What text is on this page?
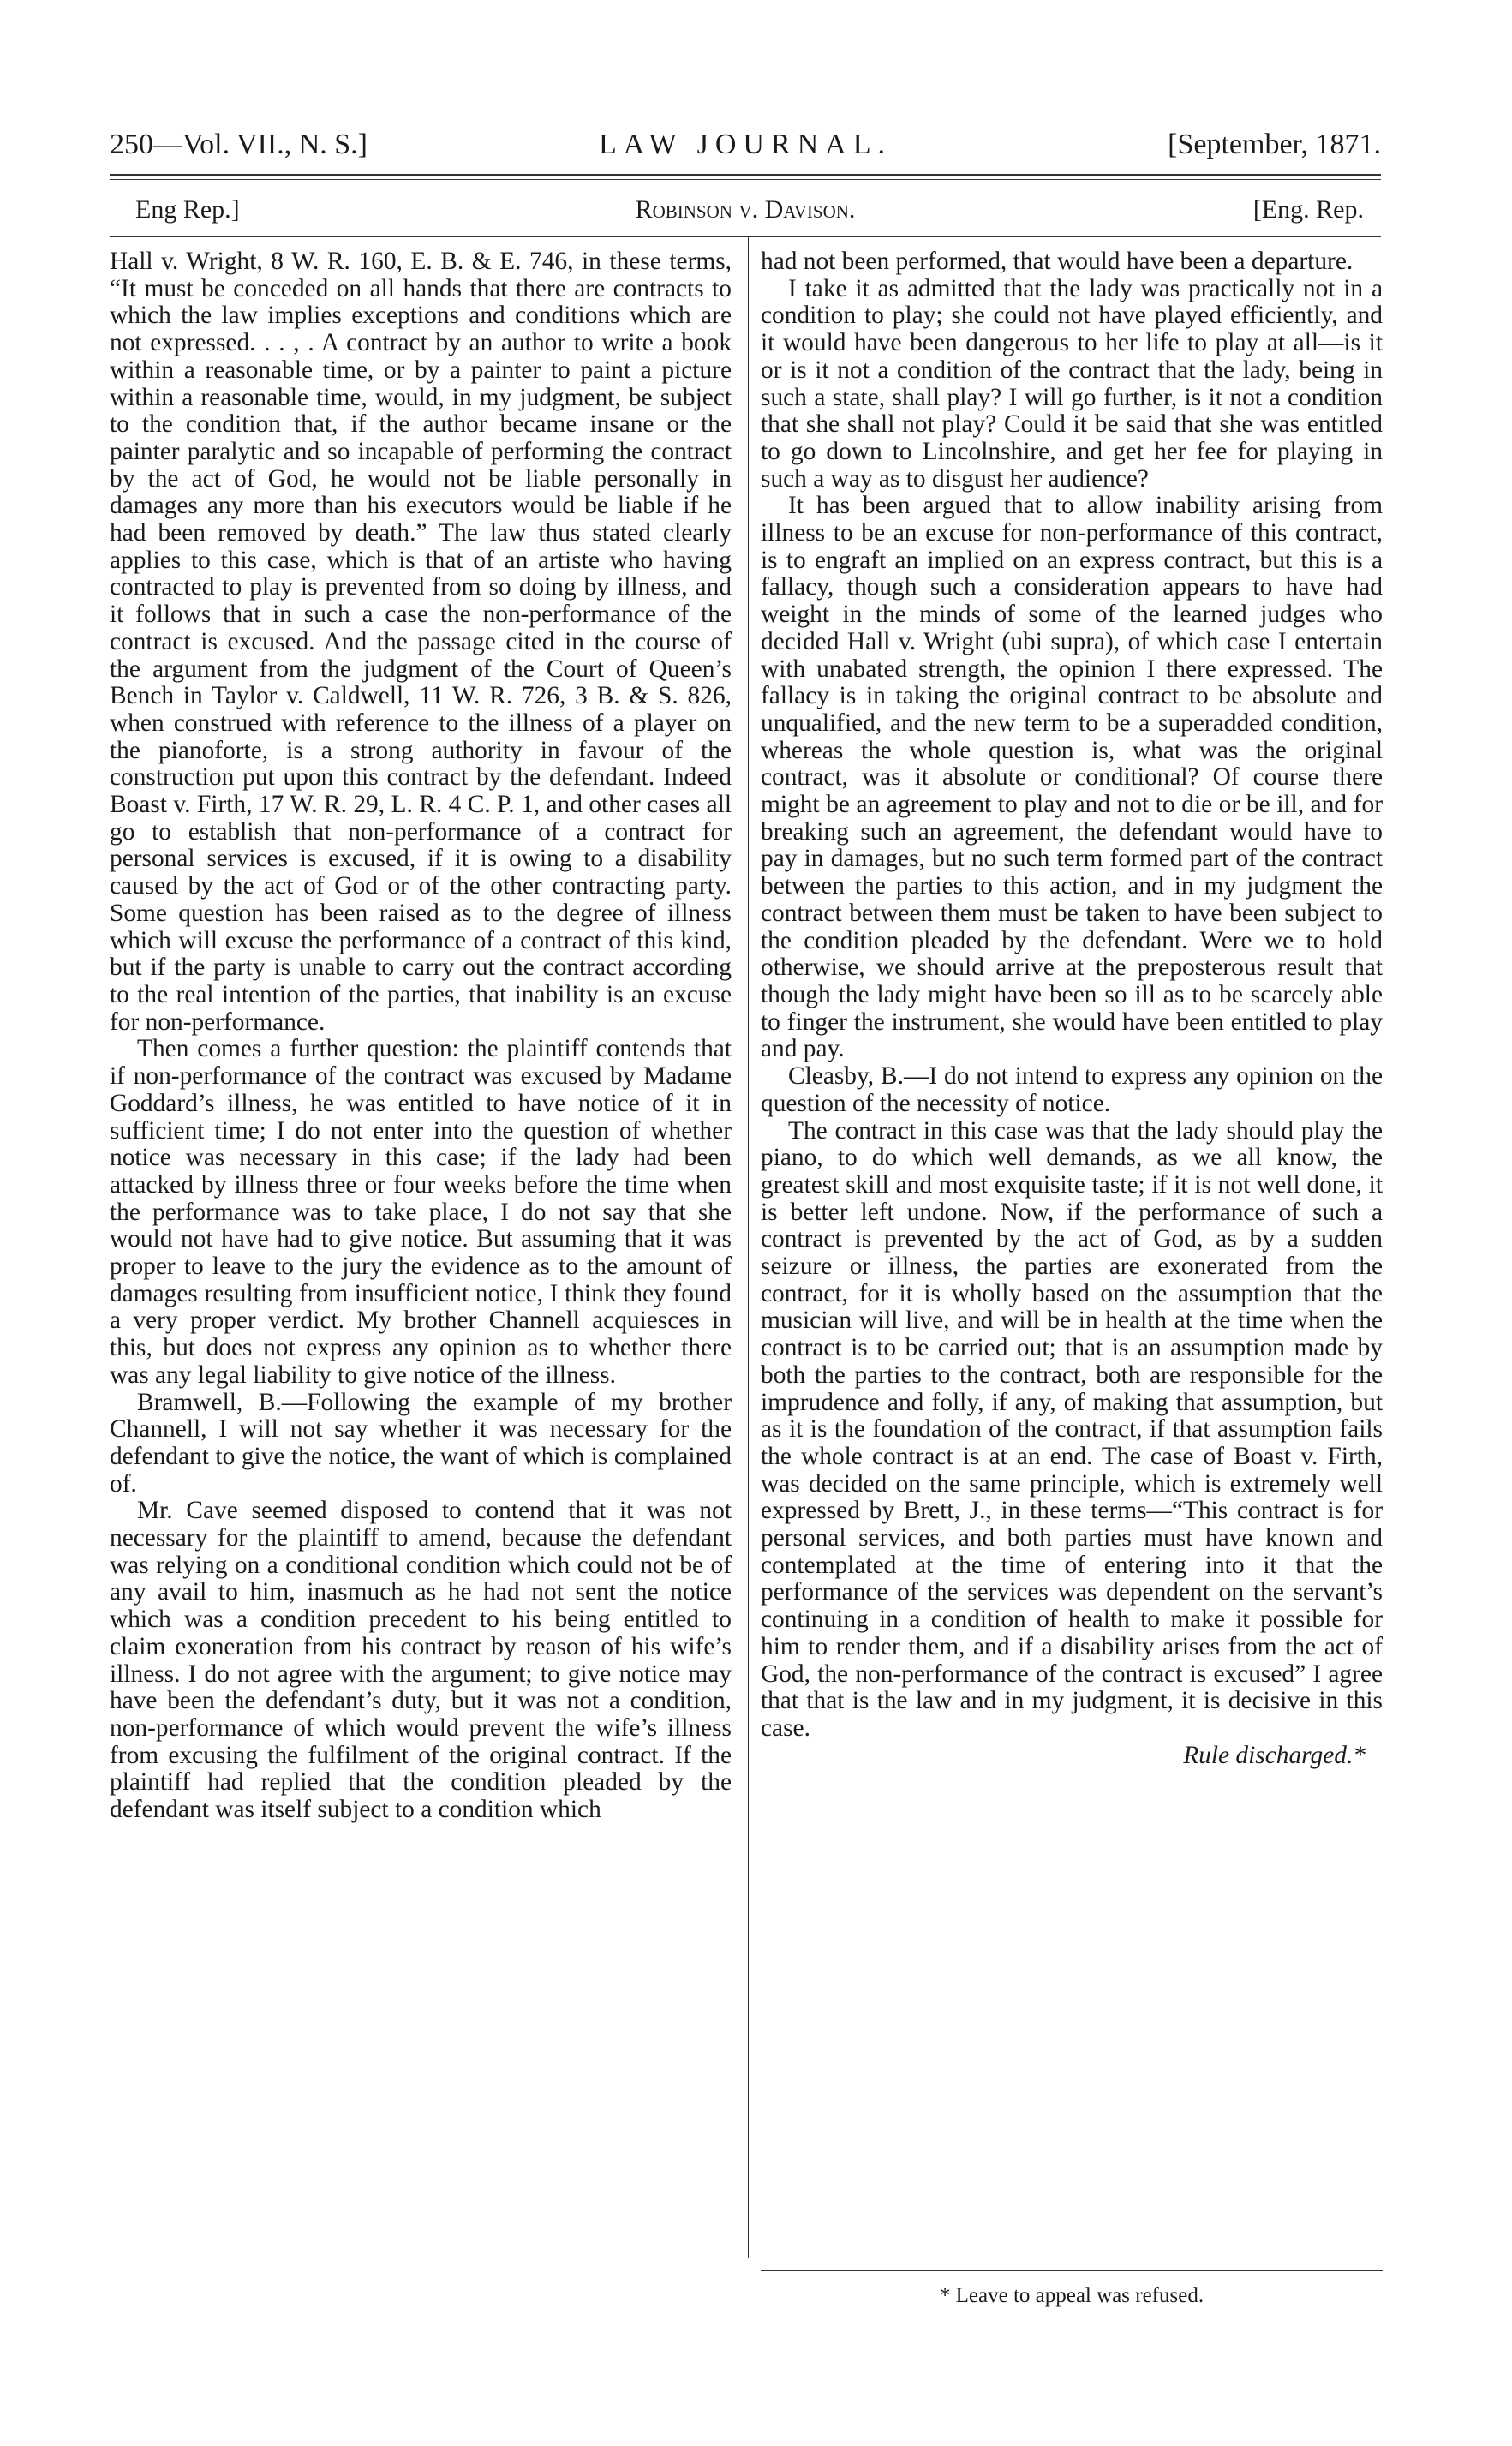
250—Vol. VII., N. S.]	LAW JOURNAL.	[September, 1871.
Eng Rep.]	Robinson v. Davison.	[Eng. Rep.

Hall v. Wright, 8 W. R. 160, E. B. & E. 746, in these terms, “It must be conceded on all hands that there are contracts to which the law implies exceptions and conditions which are not expressed. . . , . A contract by an author to write a book within a reasonable time, or by a painter to paint a picture within a reasonable time, would, in my judgment, be subject to the condition that, if the author became insane or the painter paralytic and so incapable of performing the contract by the act of God, he would not be liable personally in damages any more than his executors would be liable if he had been removed by death.” The law thus stated clearly applies to this case, which is that of an artiste who having contracted to play is prevented from so doing by illness, and it follows that in such a case the non-performance of the contract is excused. And the passage cited in the course of the argument from the judgment of the Court of Queen’s Bench in Taylor v. Caldwell, 11 W. R. 726, 3 B. & S. 826, when construed with reference to the illness of a player on the pianoforte, is a strong authority in favour of the construction put upon this contract by the defendant. Indeed Boast v. Firth, 17 W. R. 29, L. R. 4 C. P. 1, and other cases all go to establish that non-performance of a contract for personal services is excused, if it is owing to a disability caused by the act of God or of the other contracting party. Some question has been raised as to the degree of illness which will excuse the performance of a contract of this kind, but if the party is unable to carry out the contract according to the real intention of the parties, that inability is an excuse for non-performance.

Then comes a further question: the plaintiff contends that if non-performance of the contract was excused by Madame Goddard’s illness, he was entitled to have notice of it in sufficient time; I do not enter into the question of whether notice was necessary in this case; if the lady had been attacked by illness three or four weeks before the time when the performance was to take place, I do not say that she would not have had to give notice. But assuming that it was proper to leave to the jury the evidence as to the amount of damages resulting from insufficient notice, I think they found a very proper verdict. My brother Channell acquiesces in this, but does not express any opinion as to whether there was any legal liability to give notice of the illness.

Bramwell, B.—Following the example of my brother Channell, I will not say whether it was necessary for the defendant to give the notice, the want of which is complained of.

Mr. Cave seemed disposed to contend that it was not necessary for the plaintiff to amend, because the defendant was relying on a conditional condition which could not be of any avail to him, inasmuch as he had not sent the notice which was a condition precedent to his being entitled to claim exoneration from his contract by reason of his wife’s illness. I do not agree with the argument; to give notice may have been the defendant’s duty, but it was not a condition, non-performance of which would prevent the wife’s illness from excusing the fulfilment of the original contract. If the plaintiff had replied that the condition pleaded by the defendant was itself subject to a condition which

had not been performed, that would have been a departure.

I take it as admitted that the lady was practically not in a condition to play; she could not have played efficiently, and it would have been dangerous to her life to play at all—is it or is it not a condition of the contract that the lady, being in such a state, shall play? I will go further, is it not a condition that she shall not play? Could it be said that she was entitled to go down to Lincolnshire, and get her fee for playing in such a way as to disgust her audience?

It has been argued that to allow inability arising from illness to be an excuse for non-performance of this contract, is to engraft an implied on an express contract, but this is a fallacy, though such a consideration appears to have had weight in the minds of some of the learned judges who decided Hall v. Wright (ubi supra), of which case I entertain with unabated strength, the opinion I there expressed. The fallacy is in taking the original contract to be absolute and unqualified, and the new term to be a superadded condition, whereas the whole question is, what was the original contract, was it absolute or conditional? Of course there might be an agreement to play and not to die or be ill, and for breaking such an agreement, the defendant would have to pay in damages, but no such term formed part of the contract between the parties to this action, and in my judgment the contract between them must be taken to have been subject to the condition pleaded by the defendant. Were we to hold otherwise, we should arrive at the preposterous result that though the lady might have been so ill as to be scarcely able to finger the instrument, she would have been entitled to play and pay.

Cleasby, B.—I do not intend to express any opinion on the question of the necessity of notice.

The contract in this case was that the lady should play the piano, to do which well demands, as we all know, the greatest skill and most exquisite taste; if it is not well done, it is better left undone. Now, if the performance of such a contract is prevented by the act of God, as by a sudden seizure or illness, the parties are exonerated from the contract, for it is wholly based on the assumption that the musician will live, and will be in health at the time when the contract is to be carried out; that is an assumption made by both the parties to the contract, both are responsible for the imprudence and folly, if any, of making that assumption, but as it is the foundation of the contract, if that assumption fails the whole contract is at an end. The case of Boast v. Firth, was decided on the same principle, which is extremely well expressed by Brett, J., in these terms—“This contract is for personal services, and both parties must have known and contemplated at the time of entering into it that the performance of the services was dependent on the servant’s continuing in a condition of health to make it possible for him to render them, and if a disability arises from the act of God, the non-performance of the contract is excused” I agree that that is the law and in my judgment, it is decisive in this case.

Rule discharged.*

* Leave to appeal was refused.
